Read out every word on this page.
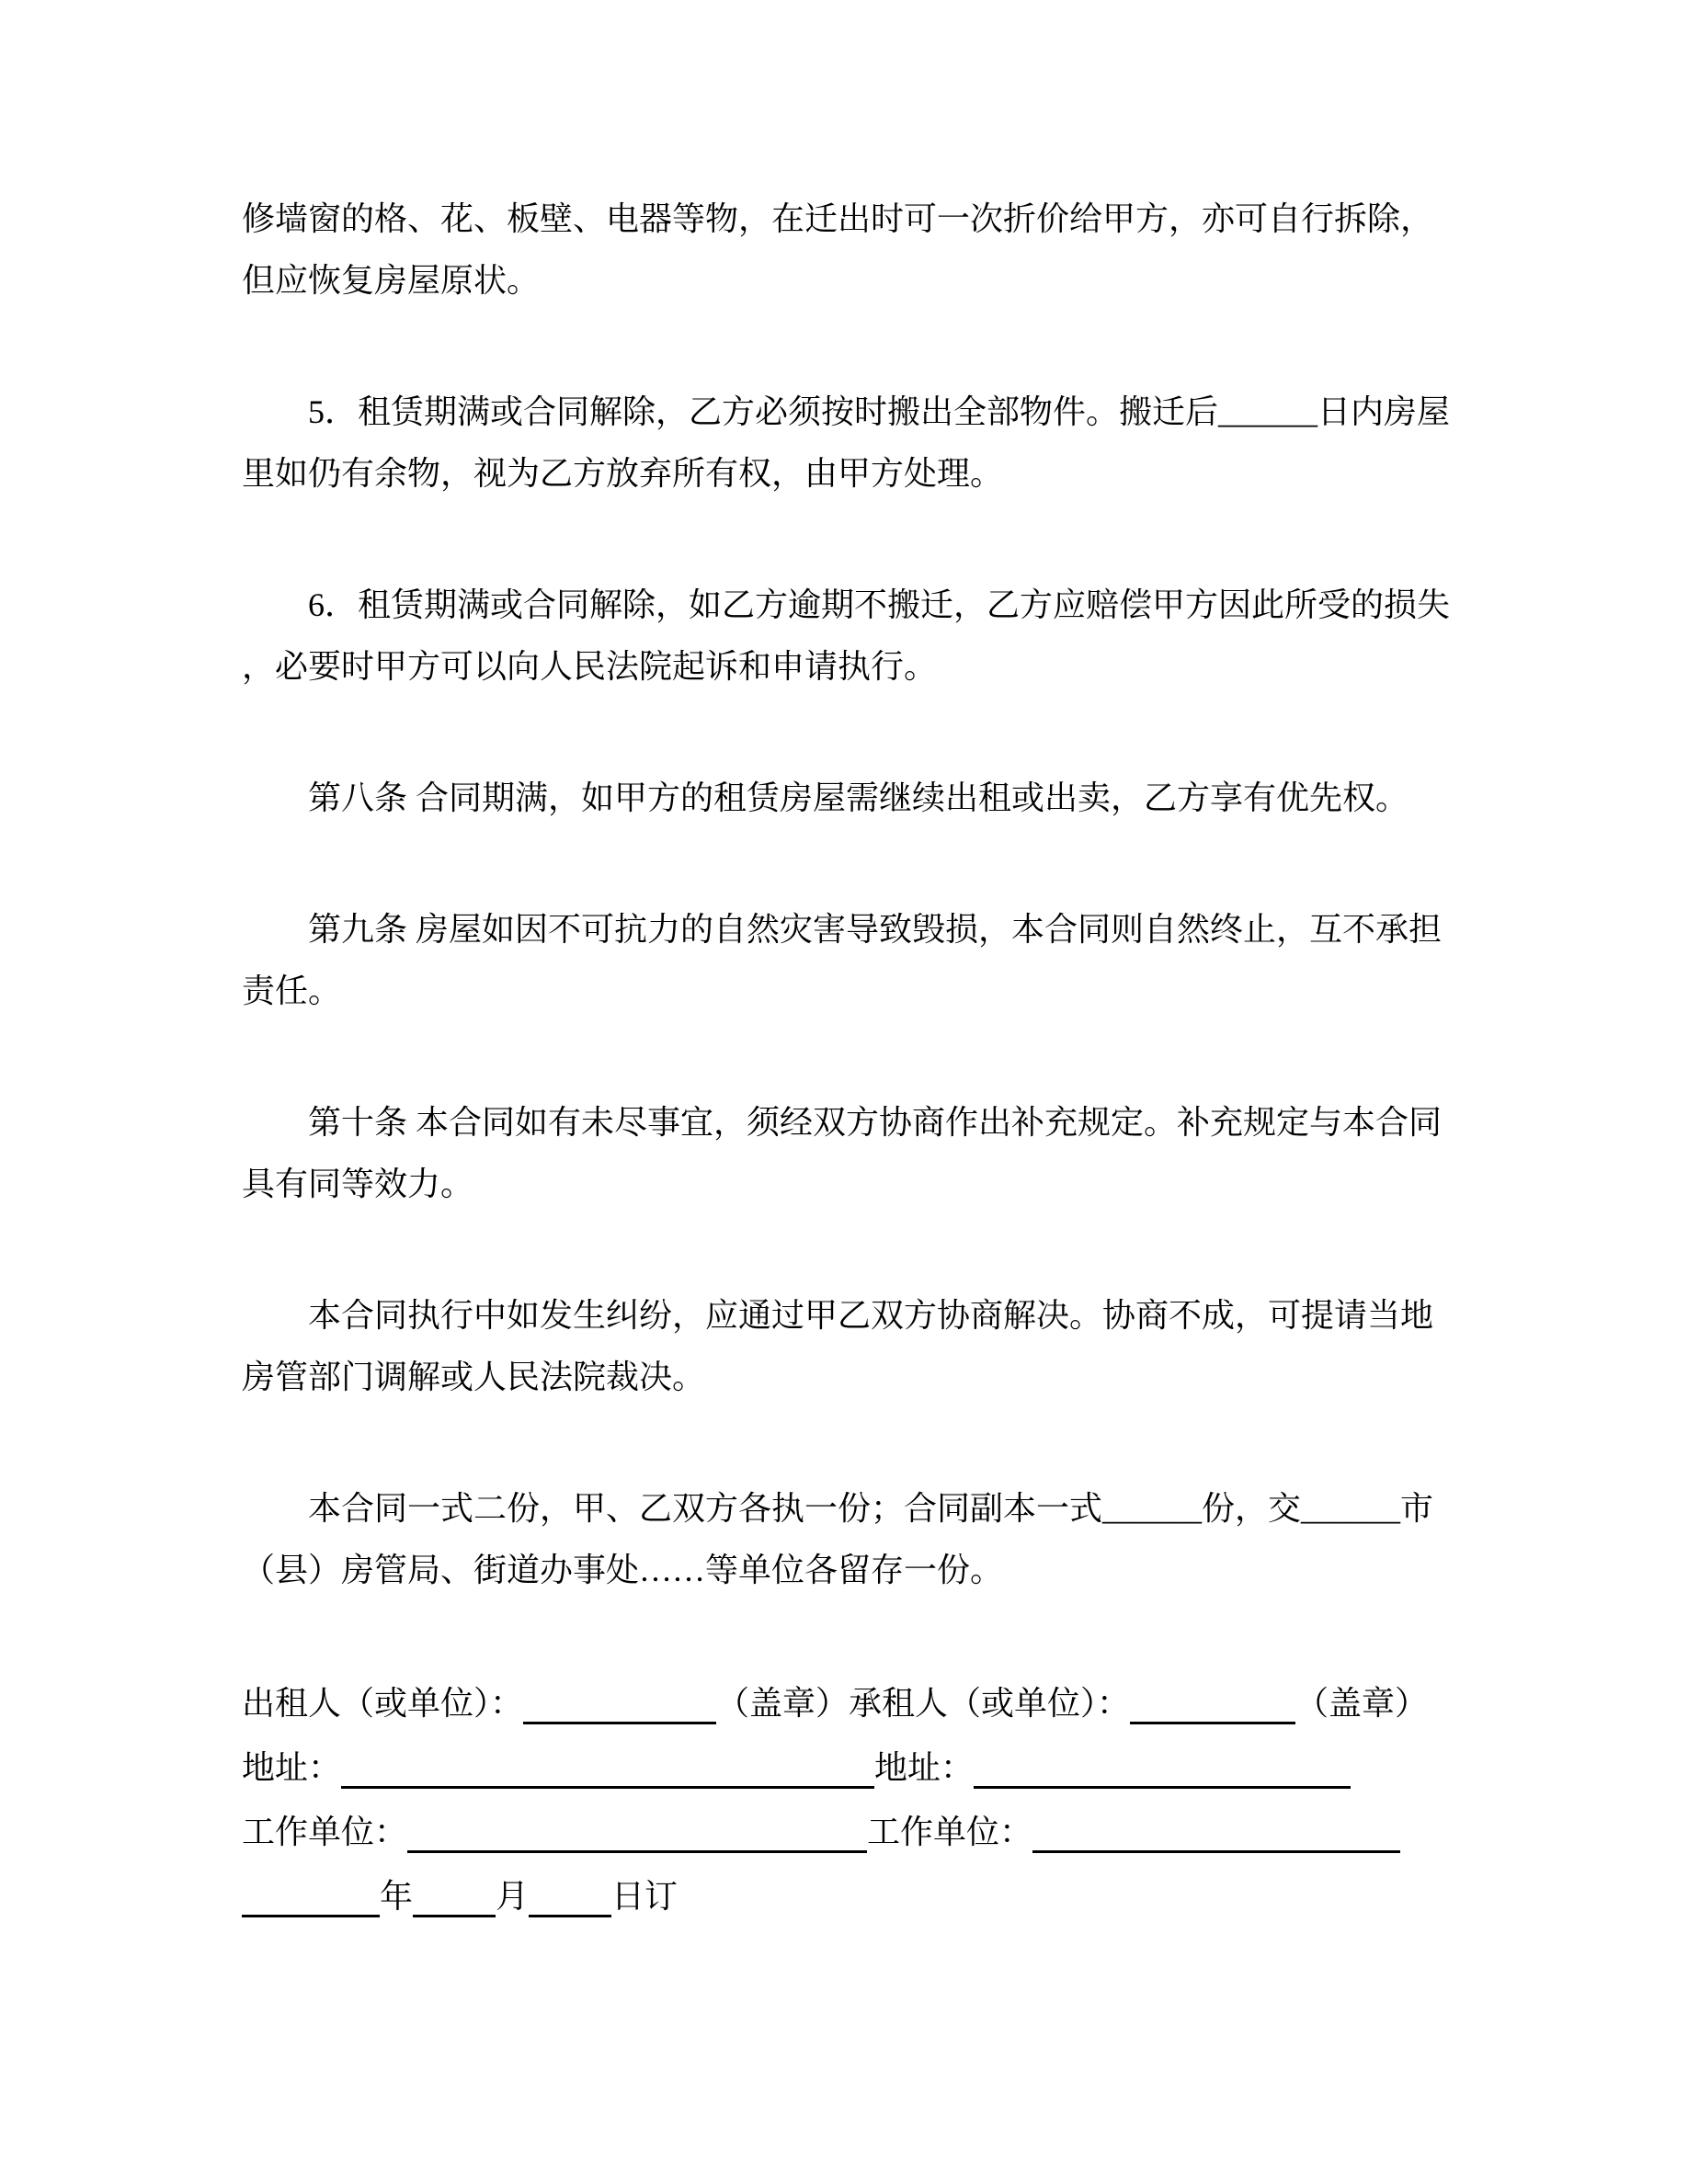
修墙窗的格、花、板壁、电器等物，在迁出时可一次折价给甲方，亦可自行拆除，但应恢复房屋原状。

5．租赁期满或合同解除，乙方必须按时搬出全部物件。搬迁后______日内房屋里如仍有余物，视为乙方放弃所有权，由甲方处理。

6．租赁期满或合同解除，如乙方逾期不搬迁，乙方应赔偿甲方因此所受的损失，必要时甲方可以向人民法院起诉和申请执行。

第八条 合同期满，如甲方的租赁房屋需继续出租或出卖，乙方享有优先权。

第九条 房屋如因不可抗力的自然灾害导致毁损，本合同则自然终止，互不承担责任。

第十条 本合同如有未尽事宜，须经双方协商作出补充规定。补充规定与本合同具有同等效力。

本合同执行中如发生纠纷，应通过甲乙双方协商解决。协商不成，可提请当地房管部门调解或人民法院裁决。

本合同一式二份，甲、乙双方各执一份；合同副本一式______份，交______市（县）房管局、街道办事处……等单位各留存一份。

出租人（或单位）：	（盖章） 承租人（或单位）：	（盖章）
地址：	地址：
工作单位：	工作单位：
年	月	日订
